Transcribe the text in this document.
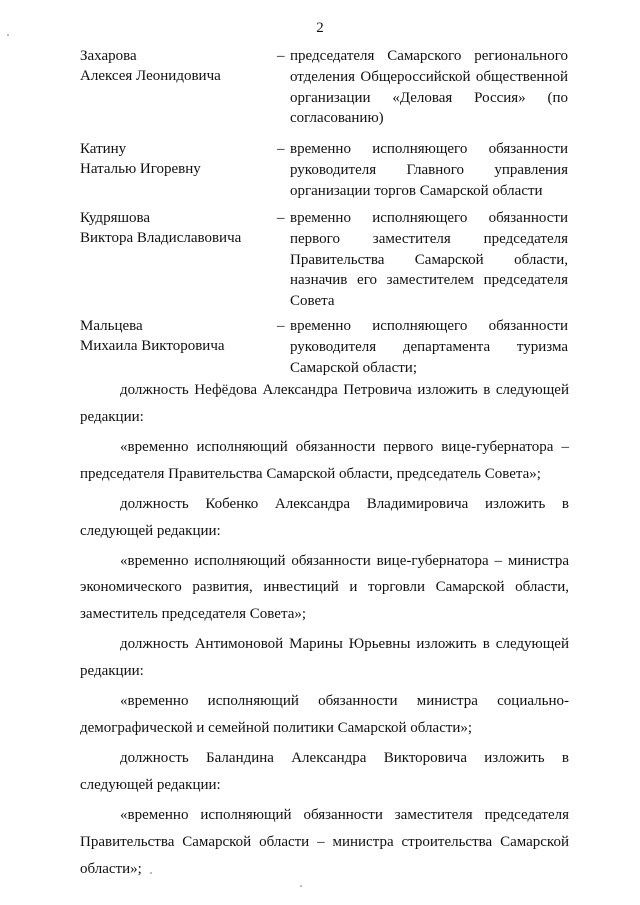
2
Захарова
Алексея Леонидовича
– председателя Самарского регионального отделения Общероссийской общественной организации «Деловая Россия» (по согласованию)
Катину
Наталью Игоревну
– временно исполняющего обязанности руководителя Главного управления организации торгов Самарской области
Кудряшова
Виктора Владиславовича
– временно исполняющего обязанности первого заместителя председателя Правительства Самарской области, назначив его заместителем председателя Совета
Мальцева
Михаила Викторовича
– временно исполняющего обязанности руководителя департамента туризма Самарской области;

должность Нефёдова Александра Петровича изложить в следующей редакции:

«временно исполняющий обязанности первого вице-губернатора – председателя Правительства Самарской области, председатель Совета»;

должность Кобенко Александра Владимировича изложить в следующей редакции:

«временно исполняющий обязанности вице-губернатора – министра экономического развития, инвестиций и торговли Самарской области, заместитель председателя Совета»;

должность Антимоновой Марины Юрьевны изложить в следующей редакции:

«временно исполняющий обязанности министра социально-демографической и семейной политики Самарской области»;

должность Баландина Александра Викторовича изложить в следующей редакции:

«временно исполняющий обязанности заместителя председателя Правительства Самарской области – министра строительства Самарской области»;
